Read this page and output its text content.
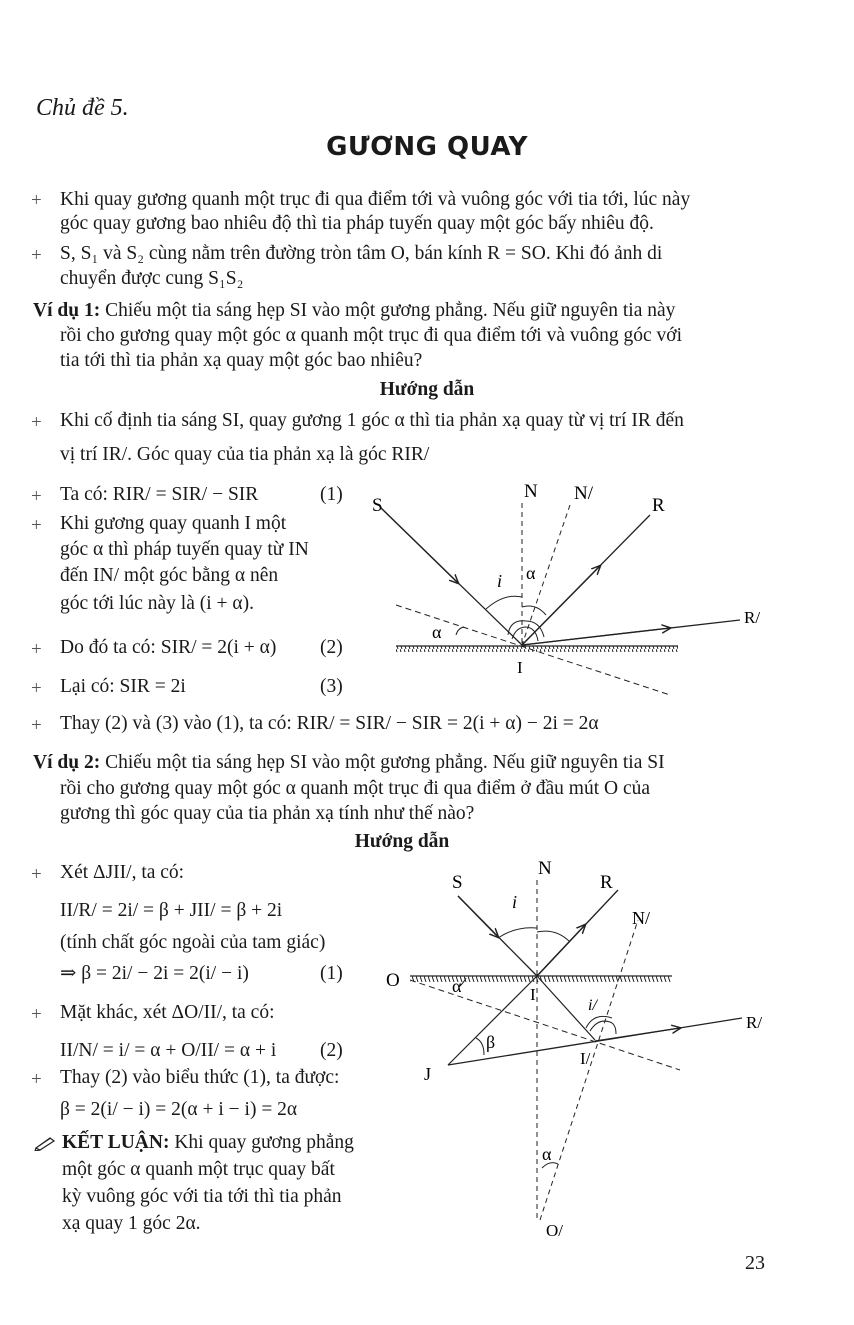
Chủ đề 5.
GƯƠNG QUAY
+ Khi quay gương quanh một trục đi qua điểm tới và vuông góc với tia tới, lúc này
góc quay gương bao nhiêu độ thì tia pháp tuyến quay một góc bấy nhiêu độ.
+ S, S₁ và S₂ cùng nằm trên đường tròn tâm O, bán kính R = SO. Khi đó ảnh di
chuyển được cung S₁S₂
Ví dụ 1: Chiếu một tia sáng hẹp SI vào một gương phẳng. Nếu giữ nguyên tia này
rồi cho gương quay một góc α quanh một trục đi qua điểm tới và vuông góc với
tia tới thì tia phản xạ quay một góc bao nhiêu?
Hướng dẫn
+ Khi cố định tia sáng SI, quay gương 1 góc α thì tia phản xạ quay từ vị trí IR đến
vị trí IR/. Góc quay của tia phản xạ là góc RIR/
+ Ta có: RIR/ = SIR/ − SIR	(1)
+ Khi gương quay quanh I một
góc α thì pháp tuyến quay từ IN
đến IN/ một góc bằng α nên
góc tới lúc này là (i + α).
+ Do đó ta có: SIR/ = 2(i + α) (2)
+ Lại có: SIR = 2i	(3)
+ Thay (2) và (3) vào (1), ta có: RIR/ = SIR/ − SIR = 2(i + α) − 2i = 2α
S
N N/
R
R/
I
i α
α
Ví dụ 2: Chiếu một tia sáng hẹp SI vào một gương phẳng. Nếu giữ nguyên tia SI
rồi cho gương quay một góc α quanh một trục đi qua điểm ở đầu mút O của
gương thì góc quay của tia phản xạ tính như thế nào?
Hướng dẫn
+ Xét ΔJII/, ta có:
II/R/ = 2i/ = β + JII/ = β + 2i
(tính chất góc ngoài của tam giác)
⇒ β = 2i/ − 2i = 2(i/ − i)	(1)
+ Mặt khác, xét ΔO/II/, ta có:
II/N/ = i/ = α + O/II/ = α + i (2)
+ Thay (2) vào biểu thức (1), ta được:
β = 2(i/ − i) = 2(α + i − i) = 2α
KẾT LUẬN: Khi quay gương phẳng
một góc α quanh một trục quay bất
kỳ vuông góc với tia tới thì tia phản
xạ quay 1 góc 2α.
S
N
R
N/
R/
O
I
I/
J
i
i/
α
β
α
O/
23
